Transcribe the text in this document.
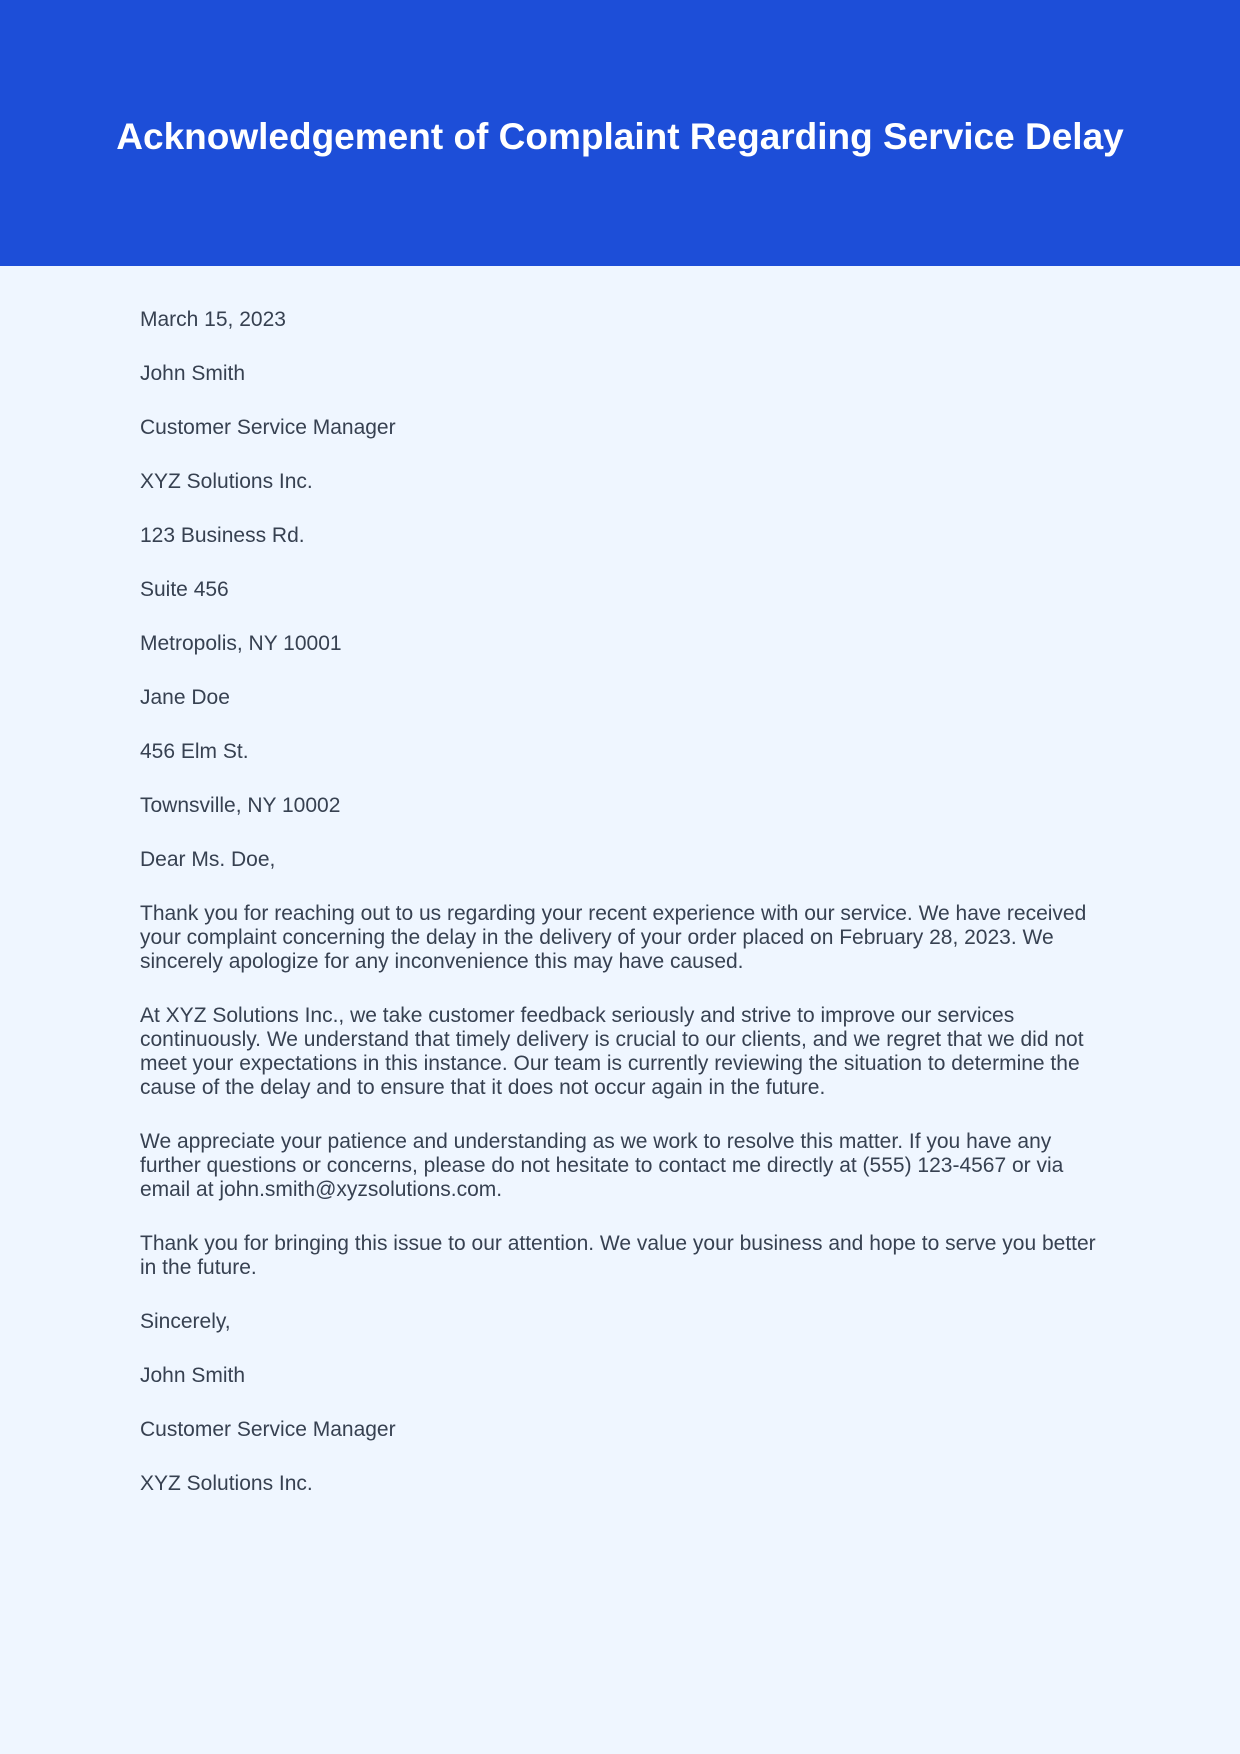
Acknowledgement of Complaint Regarding Service Delay

March 15, 2023

John Smith

Customer Service Manager

XYZ Solutions Inc.

123 Business Rd.

Suite 456

Metropolis, NY 10001

Jane Doe

456 Elm St.

Townsville, NY 10002

Dear Ms. Doe,

Thank you for reaching out to us regarding your recent experience with our service. We have received your complaint concerning the delay in the delivery of your order placed on February 28, 2023. We sincerely apologize for any inconvenience this may have caused.

At XYZ Solutions Inc., we take customer feedback seriously and strive to improve our services continuously. We understand that timely delivery is crucial to our clients, and we regret that we did not meet your expectations in this instance. Our team is currently reviewing the situation to determine the cause of the delay and to ensure that it does not occur again in the future.

We appreciate your patience and understanding as we work to resolve this matter. If you have any further questions or concerns, please do not hesitate to contact me directly at (555) 123-4567 or via email at john.smith@xyzsolutions.com.

Thank you for bringing this issue to our attention. We value your business and hope to serve you better in the future.

Sincerely,

John Smith

Customer Service Manager

XYZ Solutions Inc.
